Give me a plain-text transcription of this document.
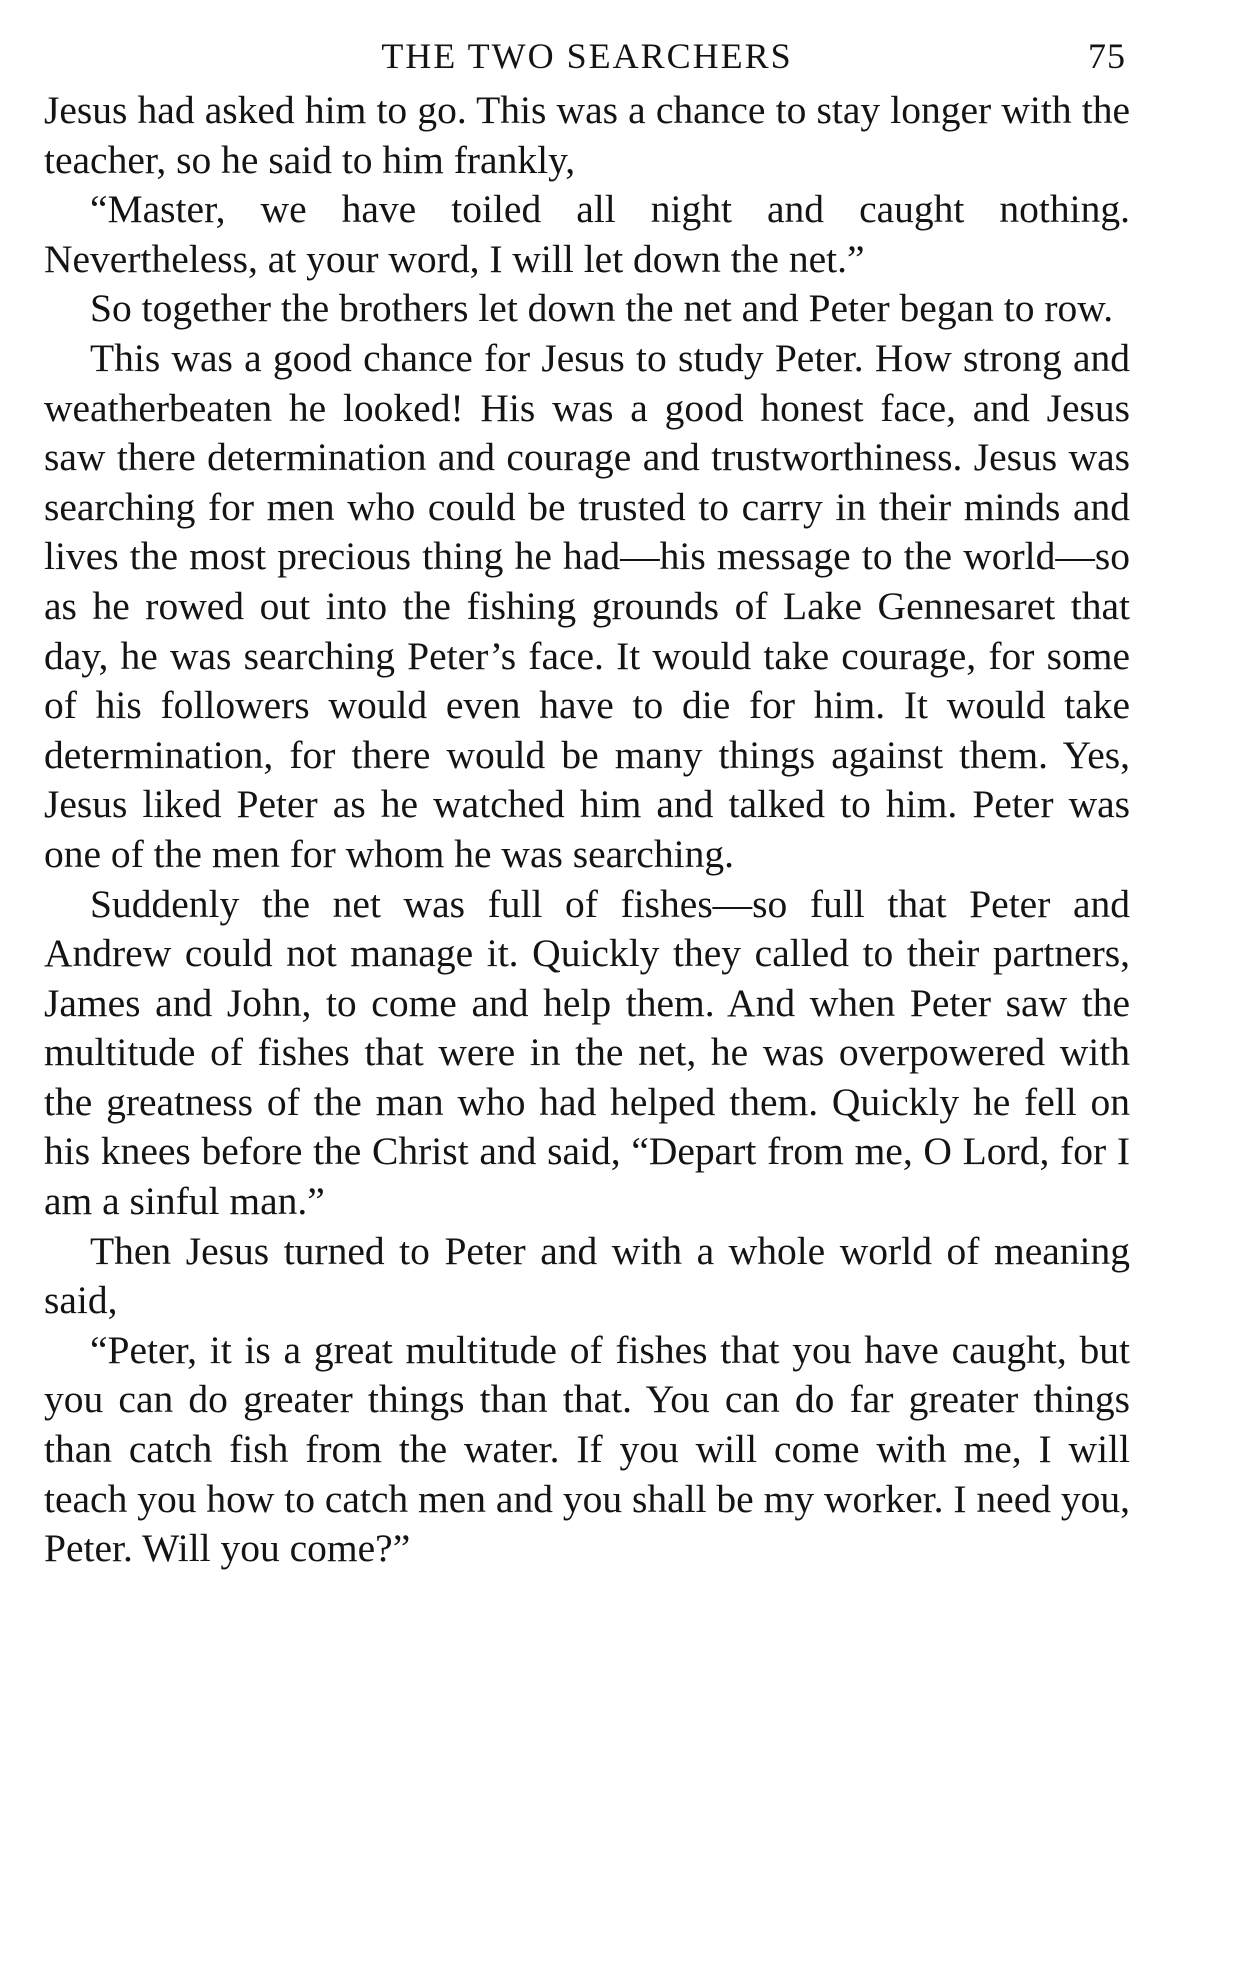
THE TWO SEARCHERS	75

Jesus had asked him to go. This was a chance to stay longer with the teacher, so he said to him frankly,

“Master, we have toiled all night and caught nothing. Nevertheless, at your word, I will let down the net.”

So together the brothers let down the net and Peter began to row.

This was a good chance for Jesus to study Peter. How strong and weatherbeaten he looked! His was a good honest face, and Jesus saw there determination and courage and trustworthiness. Jesus was searching for men who could be trusted to carry in their minds and lives the most precious thing he had—his message to the world—so as he rowed out into the fishing grounds of Lake Gennesaret that day, he was searching Peter’s face. It would take courage, for some of his followers would even have to die for him. It would take determination, for there would be many things against them. Yes, Jesus liked Peter as he watched him and talked to him. Peter was one of the men for whom he was searching.

Suddenly the net was full of fishes—so full that Peter and Andrew could not manage it. Quickly they called to their partners, James and John, to come and help them. And when Peter saw the multitude of fishes that were in the net, he was overpowered with the greatness of the man who had helped them. Quickly he fell on his knees before the Christ and said, “Depart from me, O Lord, for I am a sinful man.”

Then Jesus turned to Peter and with a whole world of meaning said,

“Peter, it is a great multitude of fishes that you have caught, but you can do greater things than that. You can do far greater things than catch fish from the water. If you will come with me, I will teach you how to catch men and you shall be my worker. I need you, Peter. Will you come?”
